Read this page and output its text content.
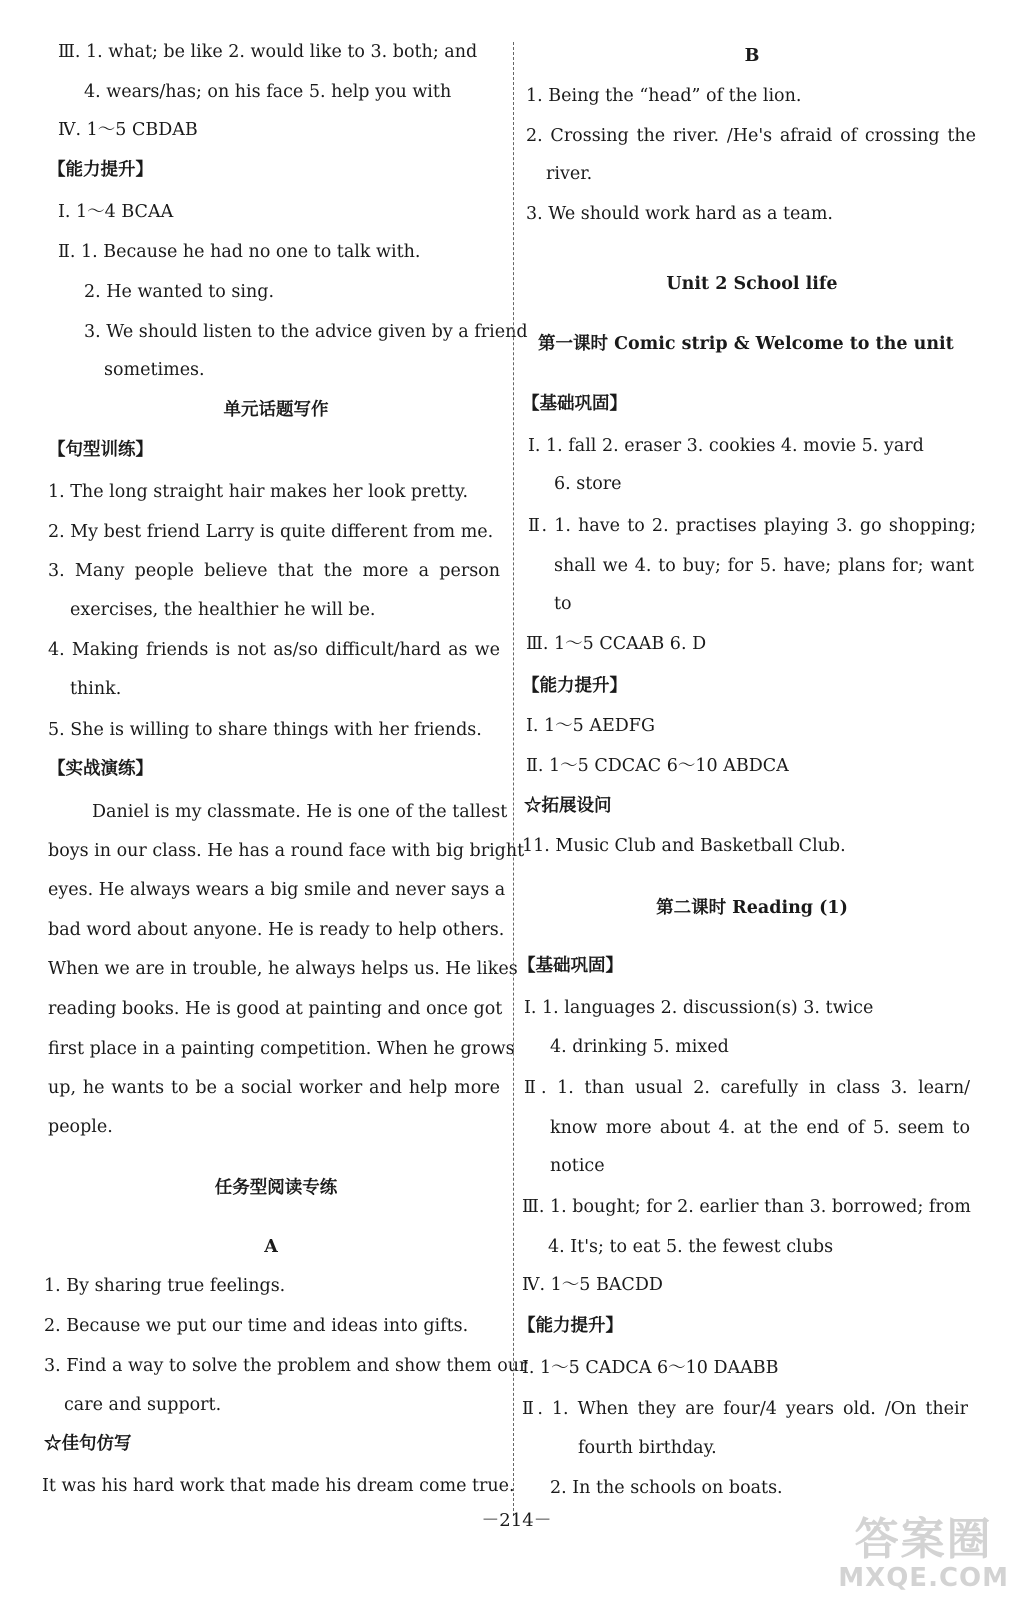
Ⅲ. 1. what; be like 2. would like to 3. both; and
4. wears/has; on his face 5. help you with
Ⅳ. 1～5 CBDAB
【能力提升】
Ⅰ. 1～4 BCAA
Ⅱ. 1. Because he had no one to talk with.
2. He wanted to sing.
3. We should listen to the advice given by a friend
sometimes.
单元话题写作
【句型训练】
1. The long straight hair makes her look pretty.
2. My best friend Larry is quite different from me.
3. Many people believe that the more a person
exercises, the healthier he will be.
4. Making friends is not as/so difficult/hard as we
think.
5. She is willing to share things with her friends.
【实战演练】
Daniel is my classmate. He is one of the tallest
boys in our class. He has a round face with big bright
eyes. He always wears a big smile and never says a
bad word about anyone. He is ready to help others.
When we are in trouble, he always helps us. He likes
reading books. He is good at painting and once got
first place in a painting competition. When he grows
up, he wants to be a social worker and help more
people.
任务型阅读专练
A
1. By sharing true feelings.
2. Because we put our time and ideas into gifts.
3. Find a way to solve the problem and show them our
care and support.
☆佳句仿写
It was his hard work that made his dream come true.
B
1. Being the “head” of the lion.
2. Crossing the river. /He's afraid of crossing the
river.
3. We should work hard as a team.
Unit 2 School life
第一课时 Comic strip & Welcome to the unit
【基础巩固】
Ⅰ. 1. fall 2. eraser 3. cookies 4. movie 5. yard
6. store
Ⅱ. 1. have to 2. practises playing 3. go shopping;
shall we 4. to buy; for 5. have; plans for; want
to
Ⅲ. 1～5 CCAAB 6. D
【能力提升】
Ⅰ. 1～5 AEDFG
Ⅱ. 1～5 CDCAC 6～10 ABDCA
☆拓展设问
11. Music Club and Basketball Club.
第二课时 Reading (1)
【基础巩固】
Ⅰ. 1. languages 2. discussion(s) 3. twice
4. drinking 5. mixed
Ⅱ. 1. than usual 2. carefully in class 3. learn/
know more about 4. at the end of 5. seem to
notice
Ⅲ. 1. bought; for 2. earlier than 3. borrowed; from
4. It's; to eat 5. the fewest clubs
Ⅳ. 1～5 BACDD
【能力提升】
Ⅰ. 1～5 CADCA 6～10 DAABB
Ⅱ. 1. When they are four/4 years old. /On their
fourth birthday.
2. In the schools on boats.
－214－	答案圈
MXQE.COM
